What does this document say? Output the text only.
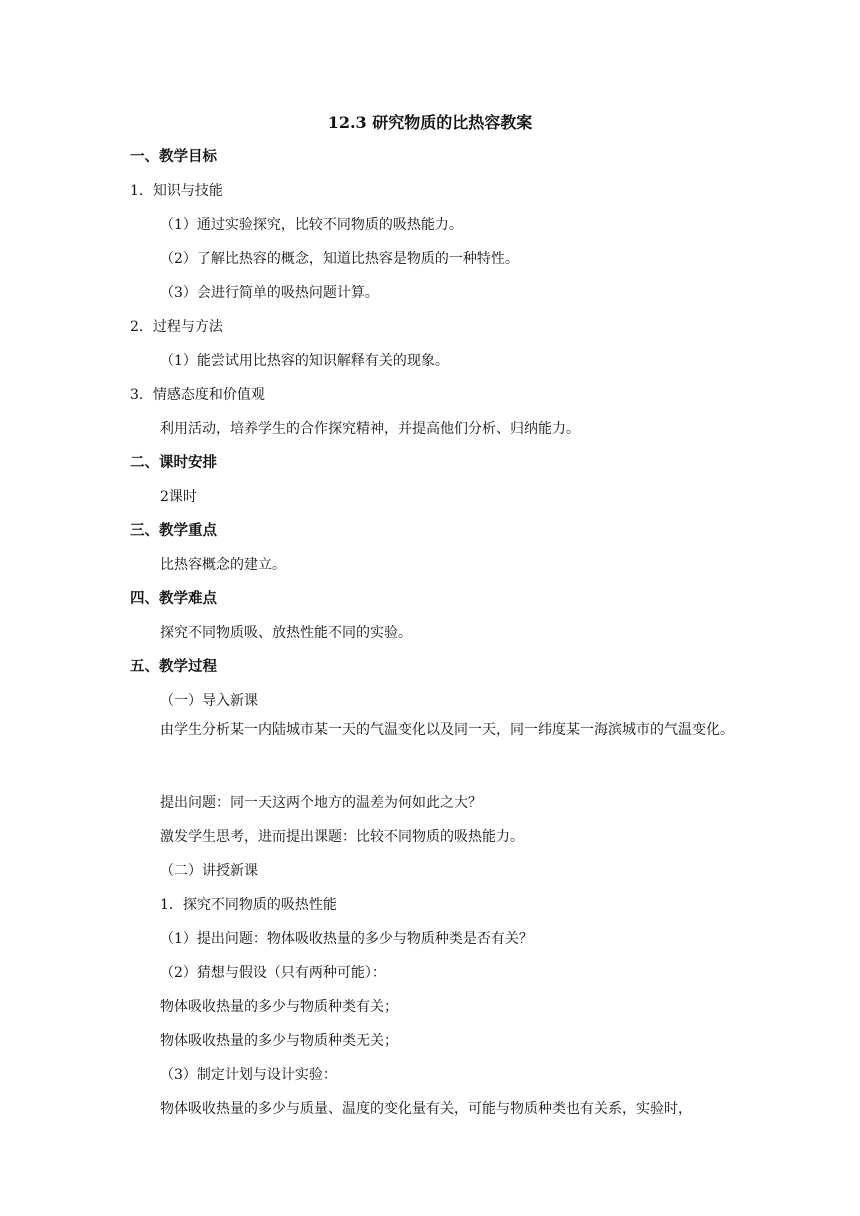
12.3 研究物质的比热容教案
一、教学目标
1．知识与技能
（1）通过实验探究，比较不同物质的吸热能力。
（2）了解比热容的概念，知道比热容是物质的一种特性。
（3）会进行简单的吸热问题计算。
2．过程与方法
（1）能尝试用比热容的知识解释有关的现象。
3．情感态度和价值观
利用活动，培养学生的合作探究精神，并提高他们分析、归纳能力。
二、课时安排
2课时
三、教学重点
比热容概念的建立。
四、教学难点
探究不同物质吸、放热性能不同的实验。
五、教学过程
（一）导入新课
由学生分析某一内陆城市某一天的气温变化以及同一天，同一纬度某一海滨城市的气温变化。
提出问题：同一天这两个地方的温差为何如此之大？
激发学生思考，进而提出课题：比较不同物质的吸热能力。
（二）讲授新课
1．探究不同物质的吸热性能
（1）提出问题：物体吸收热量的多少与物质种类是否有关？
（2）猜想与假设（只有两种可能）：
物体吸收热量的多少与物质种类有关；
物体吸收热量的多少与物质种类无关；
（3）制定计划与设计实验：
物体吸收热量的多少与质量、温度的变化量有关，可能与物质种类也有关系，实验时，
